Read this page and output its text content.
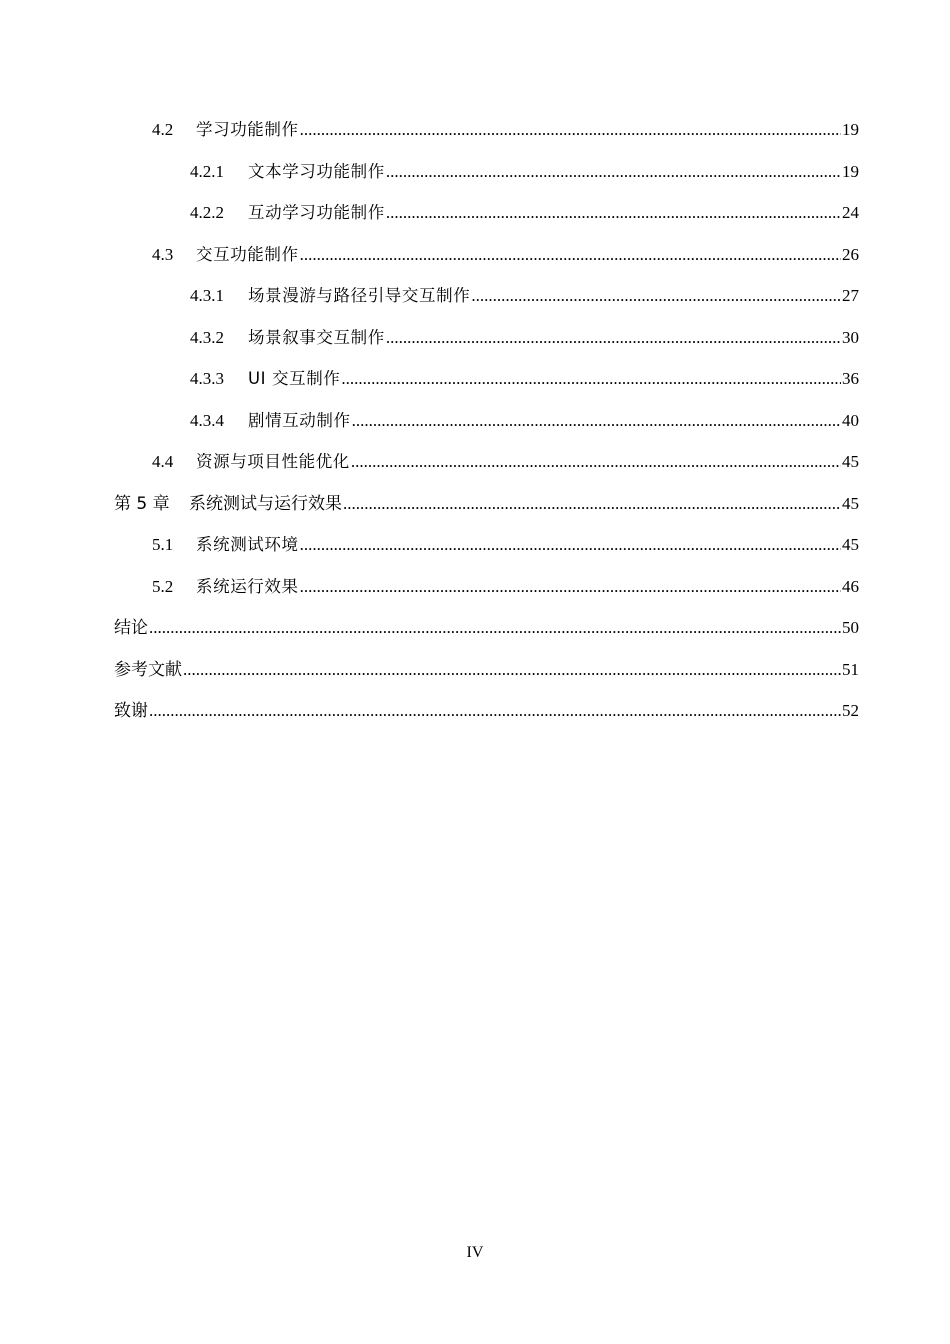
4.2	学习功能制作 .....	19
4.2.1	文本学习功能制作 .....	19
4.2.2	互动学习功能制作 .....	24
4.3	交互功能制作 .....	26
4.3.1	场景漫游与路径引导交互制作 .....	27
4.3.2	场景叙事交互制作 .....	30
4.3.3	UI 交互制作 .....	36
4.3.4	剧情互动制作 .....	40
4.4	资源与项目性能优化 .....	45
第 5 章	系统测试与运行效果 .....	45
5.1	系统测试环境 .....	45
5.2	系统运行效果 .....	46
结论 .....	50
参考文献 .....	51
致谢 .....	52
IV
